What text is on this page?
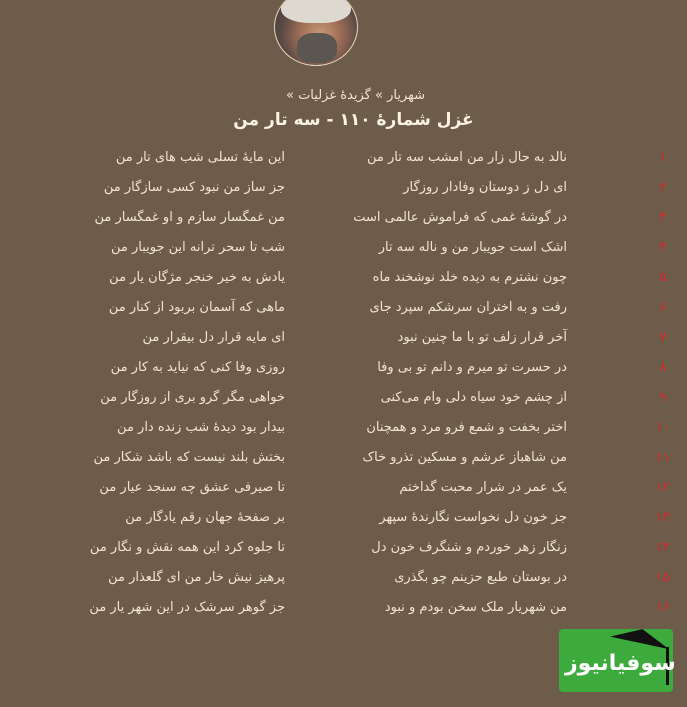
شهریار » گزیدهٔ غزلیات »
غزل شمارهٔ ۱۱۰ - سه تار من
۱
نالد به حال زار من امشب سه تار من
این مایهٔ تسلی شب های تار من
۲
ای دل ز دوستان وفادار روزگار
جز ساز من نبود کسی سازگار من
۳
در گوشهٔ غمی که فراموش عالمی است
من غمگسار سازم و او غمگسار من
۴
اشک است جویبار من و ناله سه تار
شب تا سحر ترانه این جویبار من
۵
چون نشترم به دیده خلد نوشخند ماه
یادش به خیر خنجر مژگان یار من
۶
رفت و به اختران سرشکم سپرد جای
ماهی که آسمان بربود از کنار من
۷
آخر قرار زلف تو با ما چنین نبود
ای مایه قرار دل بیقرار من
۸
در حسرت تو میرم و دانم تو بی وفا
روزی وفا کنی که نیاید به کار من
۹
از چشم خود سیاه دلی وام می‌کنی
خواهی مگر گرو بری از روزگار من
۱۰
اختر بخفت و شمع فرو مرد و همچنان
بیدار بود دیدهٔ شب زنده دار من
۱۱
من شاهباز عرشم و مسکین تذرو خاک
بختش بلند نیست که باشد شکار من
۱۲
یک عمر در شرار محبت گداختم
تا صیرفی عشق چه سنجد عیار من
۱۳
جز خون دل نخواست نگارندهٔ سپهر
بر صفحهٔ جهان رقم یادگار من
۱۴
زنگار زهر خوردم و شنگرف خون دل
تا جلوه کرد این همه نقش و نگار من
۱۵
در بوستان طبع حزینم چو بگذری
پرهیز نیش خار من ای گلعذار من
۱۶
من شهریار ملک سخن بودم و نبود
جز گوهر سرشک در این شهر یار من
سوفیانیوز
